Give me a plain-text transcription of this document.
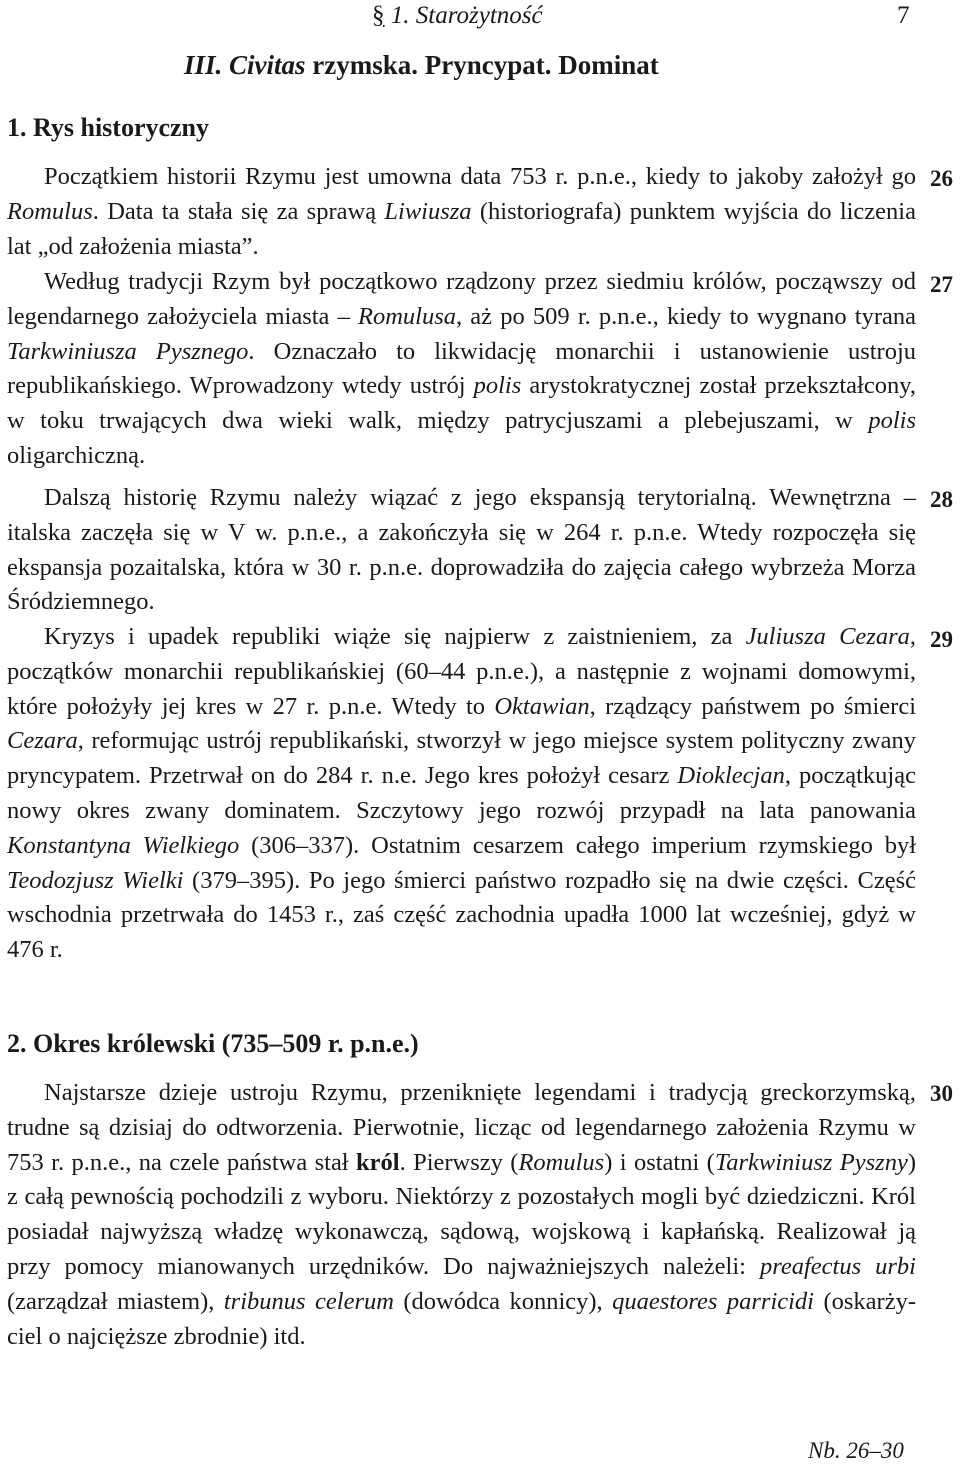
§ 1. Starożytność	7
III. Civitas rzymska. Pryncypat. Dominat
1. Rys historyczny
Początkiem historii Rzymu jest umowna data 753 r. p.n.e., kiedy to jakoby założył go Romulus. Data ta stała się za sprawą Liwiusza (historiografa) punktem wyjścia do liczenia lat „od założenia miasta”.
26
Według tradycji Rzym był początkowo rządzony przez siedmiu królów, począwszy od legendarnego założyciela miasta – Romulusa, aż po 509 r. p.n.e., kiedy to wygnano tyrana Tarkwiniusza Pysznego. Oznaczało to likwidację monarchii i ustanowienie ustroju republikańskiego. Wprowadzony wtedy ustrój polis arystokratycznej został przekształcony, w toku trwających dwa wieki walk, między patrycjuszami a plebejuszami, w polis oligarchiczną.
27
Dalszą historię Rzymu należy wiązać z jego ekspansją terytorialną. Wewnętrzna – italska zaczęła się w V w. p.n.e., a zakończyła się w 264 r. p.n.e. Wtedy rozpoczęła się ekspansja pozaitalska, która w 30 r. p.n.e. doprowadziła do zajęcia całego wybrzeża Morza Śródziemnego.
28
Kryzys i upadek republiki wiąże się najpierw z zaistnieniem, za Juliusza Cezara, początków monarchii republikańskiej (60–44 p.n.e.), a następnie z wojnami domowymi, które położyły jej kres w 27 r. p.n.e. Wtedy to Oktawian, rządzący państwem po śmierci Cezara, reformując ustrój republikański, stworzył w jego miejsce system polityczny zwany pryncypatem. Przetrwał on do 284 r. n.e. Jego kres położył cesarz Dioklecjan, początkując nowy okres zwany dominatem. Szczytowy jego rozwój przypadł na lata panowania Konstantyna Wielkiego (306–337). Ostatnim cesarzem całego imperium rzymskiego był Teodozjusz Wielki (379–395). Po jego śmierci państwo rozpadło się na dwie części. Część wschodnia przetrwała do 1453 r., zaś część zachodnia upadła 1000 lat wcześniej, gdyż w 476 r.
29
2. Okres królewski (735–509 r. p.n.e.)
Najstarsze dzieje ustroju Rzymu, przeniknięte legendami i tradycją greckorzymską, trudne są dzisiaj do odtworzenia. Pierwotnie, licząc od legendarnego założenia Rzymu w 753 r. p.n.e., na czele państwa stał król. Pierwszy (Romulus) i ostatni (Tarkwiniusz Pyszny) z całą pewnością pochodzili z wyboru. Niektórzy z pozostałych mogli być dziedziczni. Król posiadał najwyższą władzę wykonawczą, sądową, wojskową i kapłańską. Realizował ją przy pomocy mianowanych urzędników. Do najważniejszych należeli: preafectus urbi (zarządzał miastem), tribunus celerum (dowódca konnicy), quaestores parricidi (oskarżyciel o najcięższe zbrodnie) itd.
30
Nb. 26–30
